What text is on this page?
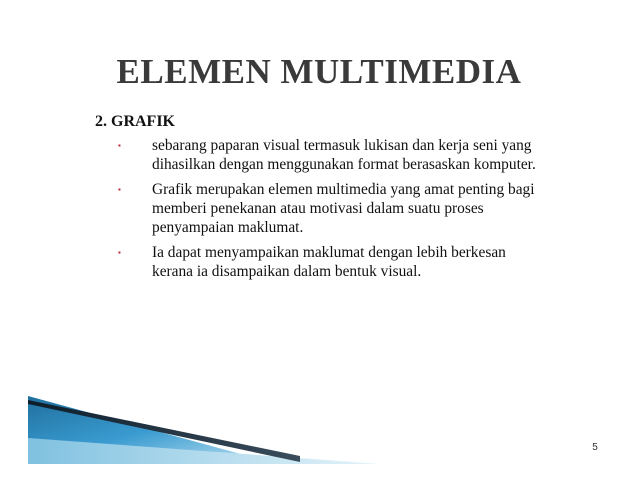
ELEMEN MULTIMEDIA
2. GRAFIK
▪ sebarang paparan visual termasuk lukisan dan kerja seni yang
dihasilkan dengan menggunakan format berasaskan komputer.
▪ Grafik merupakan elemen multimedia yang amat penting bagi
memberi penekanan atau motivasi dalam suatu proses
penyampaian maklumat.
▪ Ia dapat menyampaikan maklumat dengan lebih berkesan
kerana ia disampaikan dalam bentuk visual.
5
